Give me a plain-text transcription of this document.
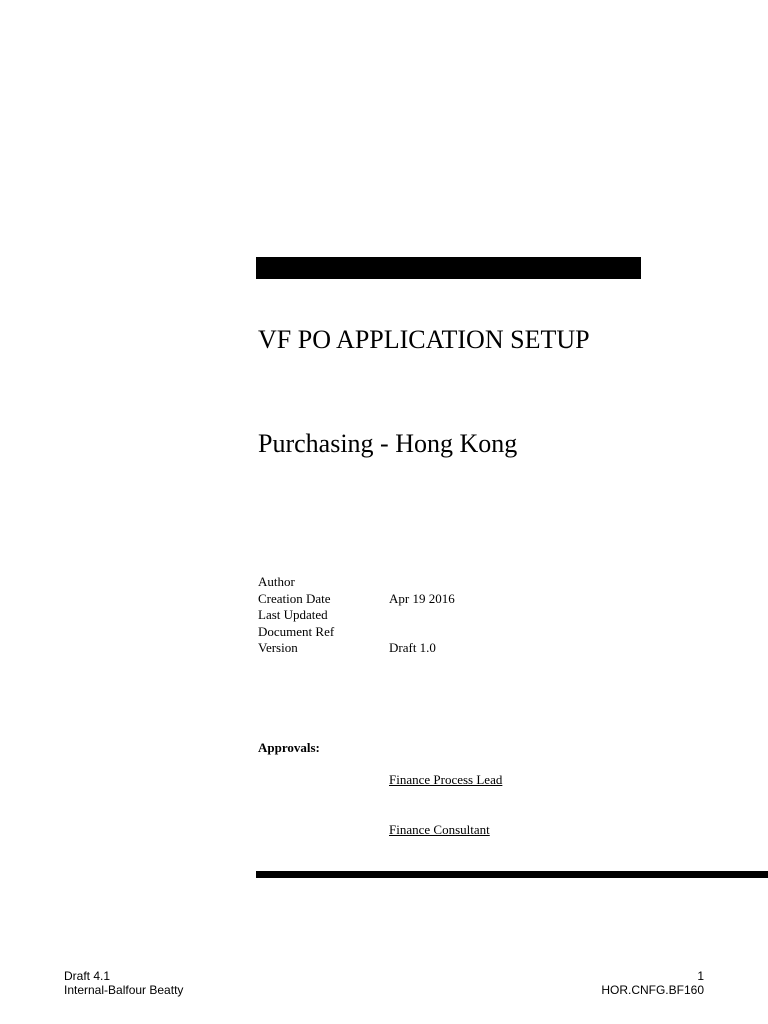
VF PO APPLICATION SETUP
Purchasing - Hong Kong
Author
Creation Date	Apr 19 2016
Last Updated
Document Ref
Version	Draft 1.0
Approvals:
Finance Process Lead
Finance Consultant
Draft 4.1
Internal-Balfour Beatty
1
HOR.CNFG.BF160
